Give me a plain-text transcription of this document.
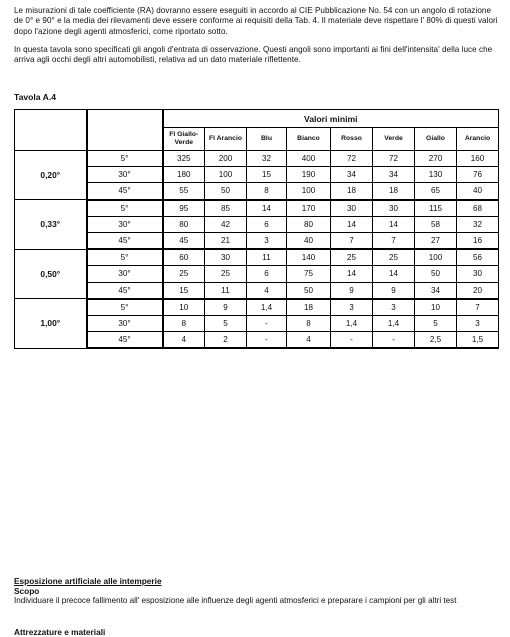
Le misurazioni di tale coefficiente (RA) dovranno essere eseguiti in accordo al CIE Pubblicazione No. 54 con un angolo di rotazione de 0° e 90° e la media dei rilevamenti deve essere conforme ai requisiti della Tab. 4. Il materiale deve rispettare l' 80% di questi valori dopo l'azione degli agenti atmosferici, come riportato sotto.
In questa tavola sono specificati gli angoli d'entrata di osservazione. Questi angoli sono importanti ai fini dell'intensita' della luce che arriva agli occhi degli altri automobilisti, relativa ad un dato materiale riflettente.
Tavola A.4
		Valori minimi							
		Fl Giallo-Verde	Fl Arancio	Blu	Bianco	Rosso	Verde	Giallo	Arancio
0,20°	5°	325	200	32	400	72	72	270	160
	30°	180	100	15	190	34	34	130	76
	45°	55	50	8	100	18	18	65	40
0,33°	5°	95	85	14	170	30	30	115	68
	30°	80	42	6	80	14	14	58	32
	45°	45	21	3	40	7	7	27	16
0,50°	5°	60	30	11	140	25	25	100	56
	30°	25	25	6	75	14	14	50	30
	45°	15	11	4	50	9	9	34	20
1,00°	5°	10	9	1,4	18	3	3	10	7
	30°	8	5	-	8	1,4	1,4	5	3
	45°	4	2	-	4	-	-	2,5	1,5
Esposizione artificiale alle intemperie
Scopo
Individuare il precoce fallimento all' esposizione alle influenze degli agenti atmosferici e preparare i campioni per gli altri test
Attrezzature e materiali
